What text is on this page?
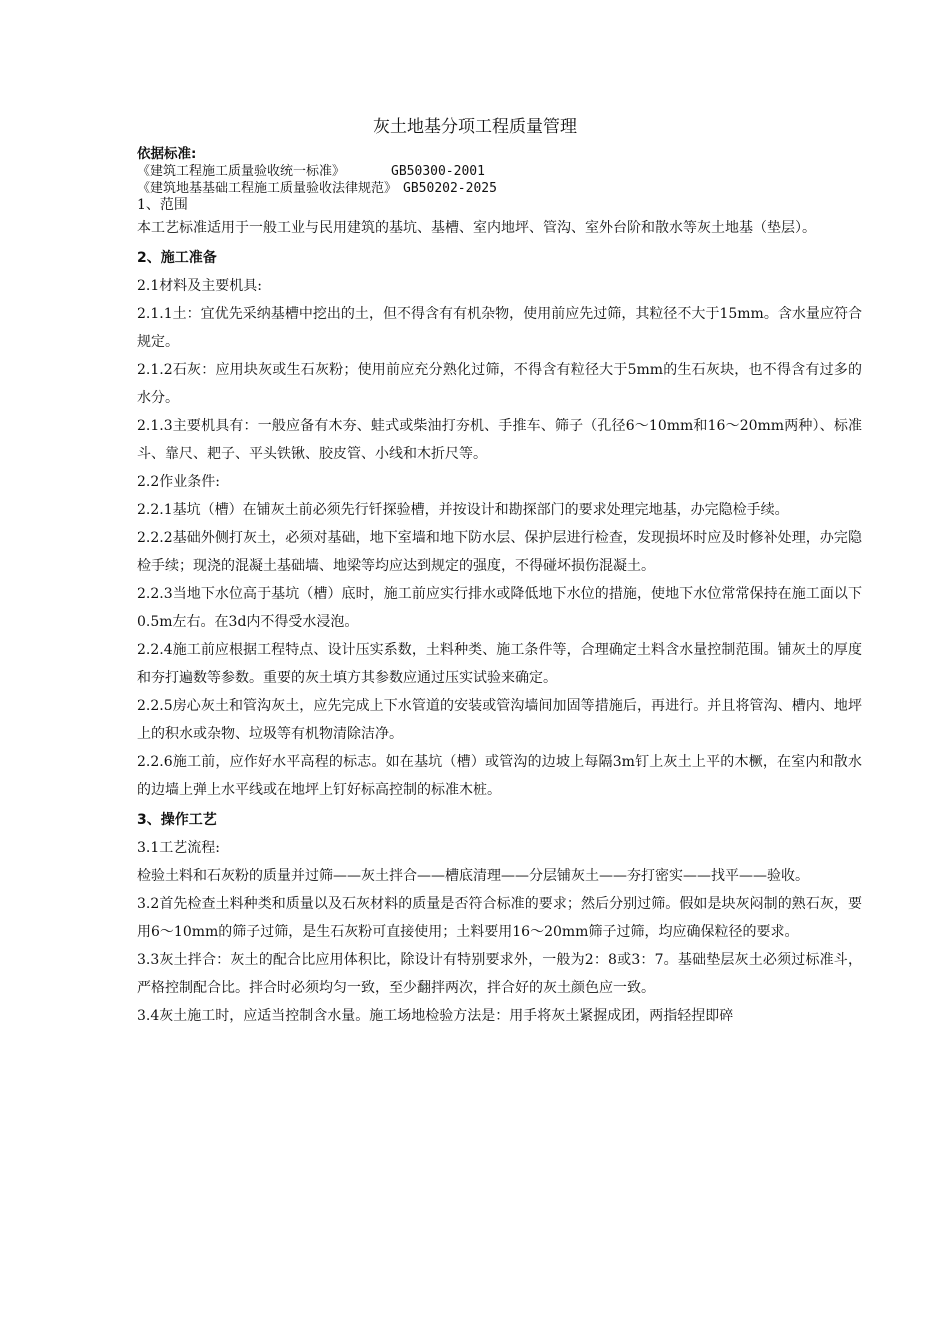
灰土地基分项工程质量管理

依据标准:

《建筑工程施工质量验收统一标准》	GB50300-2001

《建筑地基基础工程施工质量验收法律规范》 GB50202-2025

1、范围

本工艺标准适用于一般工业与民用建筑的基坑、基槽、室内地坪、管沟、室外台阶和散水等灰土地基（垫层）。

2、施工准备

2.1材料及主要机具:

2.1.1土：宜优先采纳基槽中挖出的土，但不得含有有机杂物，使用前应先过筛，其粒径不大于15mm。含水量应符合规定。

2.1.2石灰：应用块灰或生石灰粉；使用前应充分熟化过筛，不得含有粒径大于5mm的生石灰块，也不得含有过多的水分。

2.1.3主要机具有：一般应备有木夯、蛙式或柴油打夯机、手推车、筛子（孔径6～10mm和16～20mm两种）、标准斗、靠尺、耙子、平头铁锹、胶皮管、小线和木折尺等。

2.2作业条件:

2.2.1基坑（槽）在铺灰土前必须先行钎探验槽，并按设计和勘探部门的要求处理完地基，办完隐检手续。

2.2.2基础外侧打灰土，必须对基础，地下室墙和地下防水层、保护层进行检查，发现损坏时应及时修补处理，办完隐检手续；现浇的混凝土基础墙、地梁等均应达到规定的强度，不得碰坏损伤混凝土。

2.2.3当地下水位高于基坑（槽）底时，施工前应实行排水或降低地下水位的措施，使地下水位常常保持在施工面以下0.5m左右。在3d内不得受水浸泡。

2.2.4施工前应根据工程特点、设计压实系数，土料种类、施工条件等，合理确定土料含水量控制范围。铺灰土的厚度和夯打遍数等参数。重要的灰土填方其参数应通过压实试验来确定。

2.2.5房心灰土和管沟灰土，应先完成上下水管道的安装或管沟墙间加固等措施后，再进行。并且将管沟、槽内、地坪上的积水或杂物、垃圾等有机物清除洁净。

2.2.6施工前，应作好水平高程的标志。如在基坑（槽）或管沟的边坡上每隔3m钉上灰土上平的木橛，在室内和散水的边墙上弹上水平线或在地坪上钉好标高控制的标准木桩。

3、操作工艺

3.1工艺流程:

检验土料和石灰粉的质量并过筛——灰土拌合——槽底清理——分层铺灰土——夯打密实——找平——验收。

3.2首先检查土料种类和质量以及石灰材料的质量是否符合标准的要求；然后分别过筛。假如是块灰闷制的熟石灰，要用6～10mm的筛子过筛，是生石灰粉可直接使用；土料要用16～20mm筛子过筛，均应确保粒径的要求。

3.3灰土拌合：灰土的配合比应用体积比，除设计有特别要求外，一般为2：8或3：7。基础垫层灰土必须过标准斗，严格控制配合比。拌合时必须均匀一致，至少翻拌两次，拌合好的灰土颜色应一致。

3.4灰土施工时，应适当控制含水量。施工场地检验方法是：用手将灰土紧握成团，两指轻捏即碎
